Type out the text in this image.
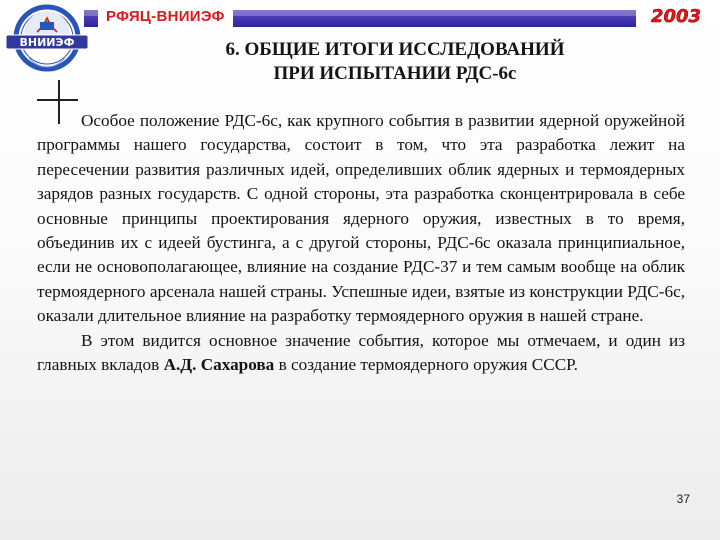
РФЯЦ-ВНИИЭФ	2003
ВНИИЭФ	6. ОБЩИЕ ИТОГИ ИССЛЕДОВАНИЙ
ПРИ ИСПЫТАНИИ РДС-6с

Особое положение РДС-6с, как крупного события в развитии ядерной оружейной программы нашего государства, состоит в том, что эта разработка лежит на пересечении развития различных идей, определивших облик ядерных и термоядерных зарядов разных государств. С одной стороны, эта разработка сконцентрировала в себе основные принципы проектирования ядерного оружия, известных в то время, объединив их с идеей бустинга, а с другой стороны, РДС-6с оказала принципиальное, если не основополагающее, влияние на создание РДС-37 и тем самым вообще на облик термоядерного арсенала нашей страны. Успешные идеи, взятые из конструкции РДС-6с, оказали длительное влияние на разработку термоядерного оружия в нашей стране.

В этом видится основное значение события, которое мы отмечаем, и один из главных вкладов А.Д. Сахарова в создание термоядерного оружия СССР.

37
